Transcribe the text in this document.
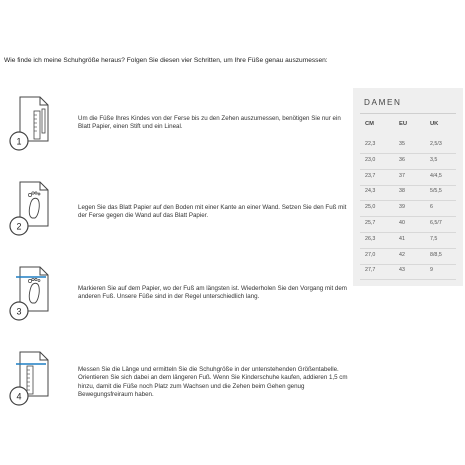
Wie finde ich meine Schuhgröße heraus? Folgen Sie diesen vier Schritten, um Ihre Füße genau auszumessen:
1
Um die Füße Ihres Kindes von der Ferse bis zu den Zehen auszumessen, benötigen Sie nur ein Blatt Papier, einen Stift und ein Lineal.
2
Legen Sie das Blatt Papier auf den Boden mit einer Kante an einer Wand. Setzen Sie den Fuß mit der Ferse gegen die Wand auf das Blatt Papier.
3
Markieren Sie auf dem Papier, wo der Fuß am längsten ist. Wiederholen Sie den Vorgang mit dem anderen Fuß. Unsere Füße sind in der Regel unterschiedlich lang.
4
Messen Sie die Länge und ermitteln Sie die Schuhgröße in der untenstehenden Größentabelle. Orientieren Sie sich dabei an dem längeren Fuß. Wenn Sie Kinderschuhe kaufen, addieren 1,5 cm hinzu, damit die Füße noch Platz zum Wachsen und die Zehen beim Gehen genug Bewegungsfreiraum haben.
DAMEN
CM	EU	UK
22,3	35	2,5/3
23,0	36	3,5
23,7	37	4/4,5
24,3	38	5/5,5
25,0	39	6
25,7	40	6,5/7
26,3	41	7,5
27,0	42	8/8,5
27,7	43	9
